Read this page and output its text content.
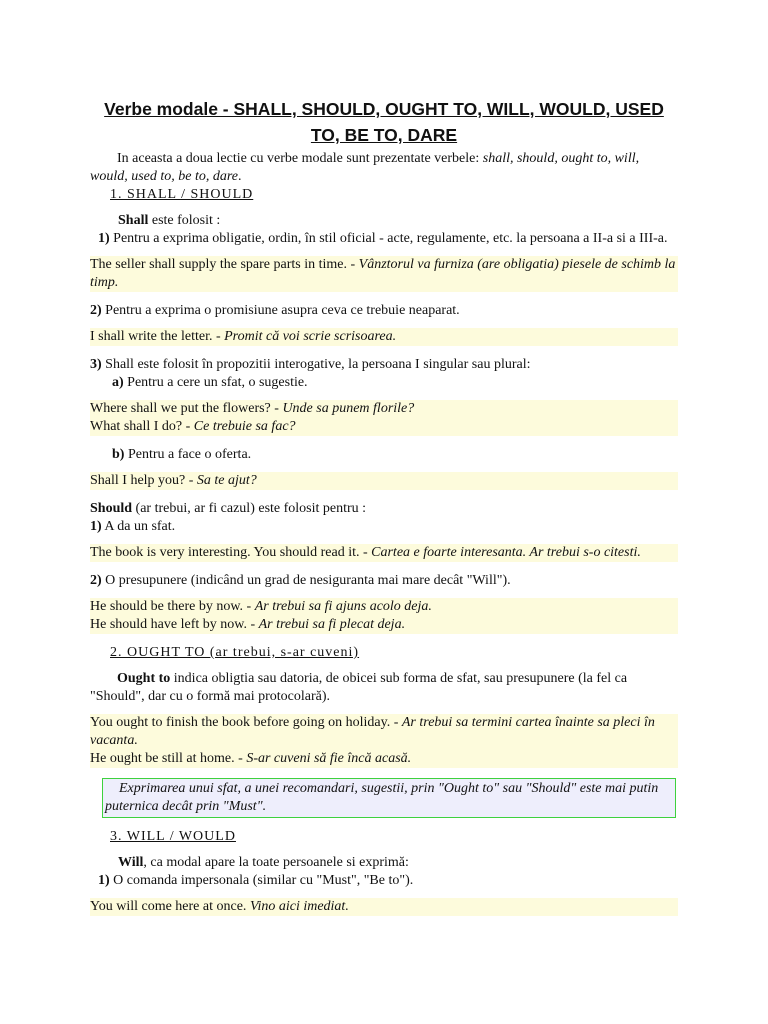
Verbe modale - SHALL, SHOULD, OUGHT TO, WILL, WOULD, USED
TO, BE TO, DARE

In aceasta a doua lectie cu verbe modale sunt prezentate verbele: shall, should, ought to, will, would, used to, be to, dare.

1. SHALL / SHOULD

Shall este folosit :

1) Pentru a exprima obligatie, ordin, în stil oficial - acte, regulamente, etc. la persoana a II-a si a III-a.

The seller shall supply the spare parts in time. - Vânztorul va furniza (are obligatia) piesele de schimb la timp.

2) Pentru a exprima o promisiune asupra ceva ce trebuie neaparat.

I shall write the letter. - Promit că voi scrie scrisoarea.

3) Shall este folosit în propozitii interogative, la persoana I singular sau plural:

a) Pentru a cere un sfat, o sugestie.

Where shall we put the flowers? - Unde sa punem florile?
What shall I do? - Ce trebuie sa fac?

b) Pentru a face o oferta.

Shall I help you? - Sa te ajut?

Should (ar trebui, ar fi cazul) este folosit pentru :

1) A da un sfat.

The book is very interesting. You should read it. - Cartea e foarte interesanta. Ar trebui s-o citesti.

2) O presupunere (indicând un grad de nesiguranta mai mare decât "Will").

He should be there by now. - Ar trebui sa fi ajuns acolo deja.
He should have left by now. - Ar trebui sa fi plecat deja.
2. OUGHT TO (ar trebui, s-ar cuveni)

Ought to indica obligtia sau datoria, de obicei sub forma de sfat, sau presupunere (la fel ca "Should", dar cu o formă mai protocolară).

You ought to finish the book before going on holiday. - Ar trebui sa termini cartea înainte sa pleci în vacanta.
He ought be still at home. - S-ar cuveni să fie încă acasă.
Exprimarea unui sfat, a unei recomandari, sugestii, prin "Ought to" sau "Should" este mai putin
puternica decât prin "Must".
3. WILL / WOULD

Will, ca modal apare la toate persoanele si exprimă:

1) O comanda impersonala (similar cu "Must", "Be to").

You will come here at once. Vino aici imediat.
